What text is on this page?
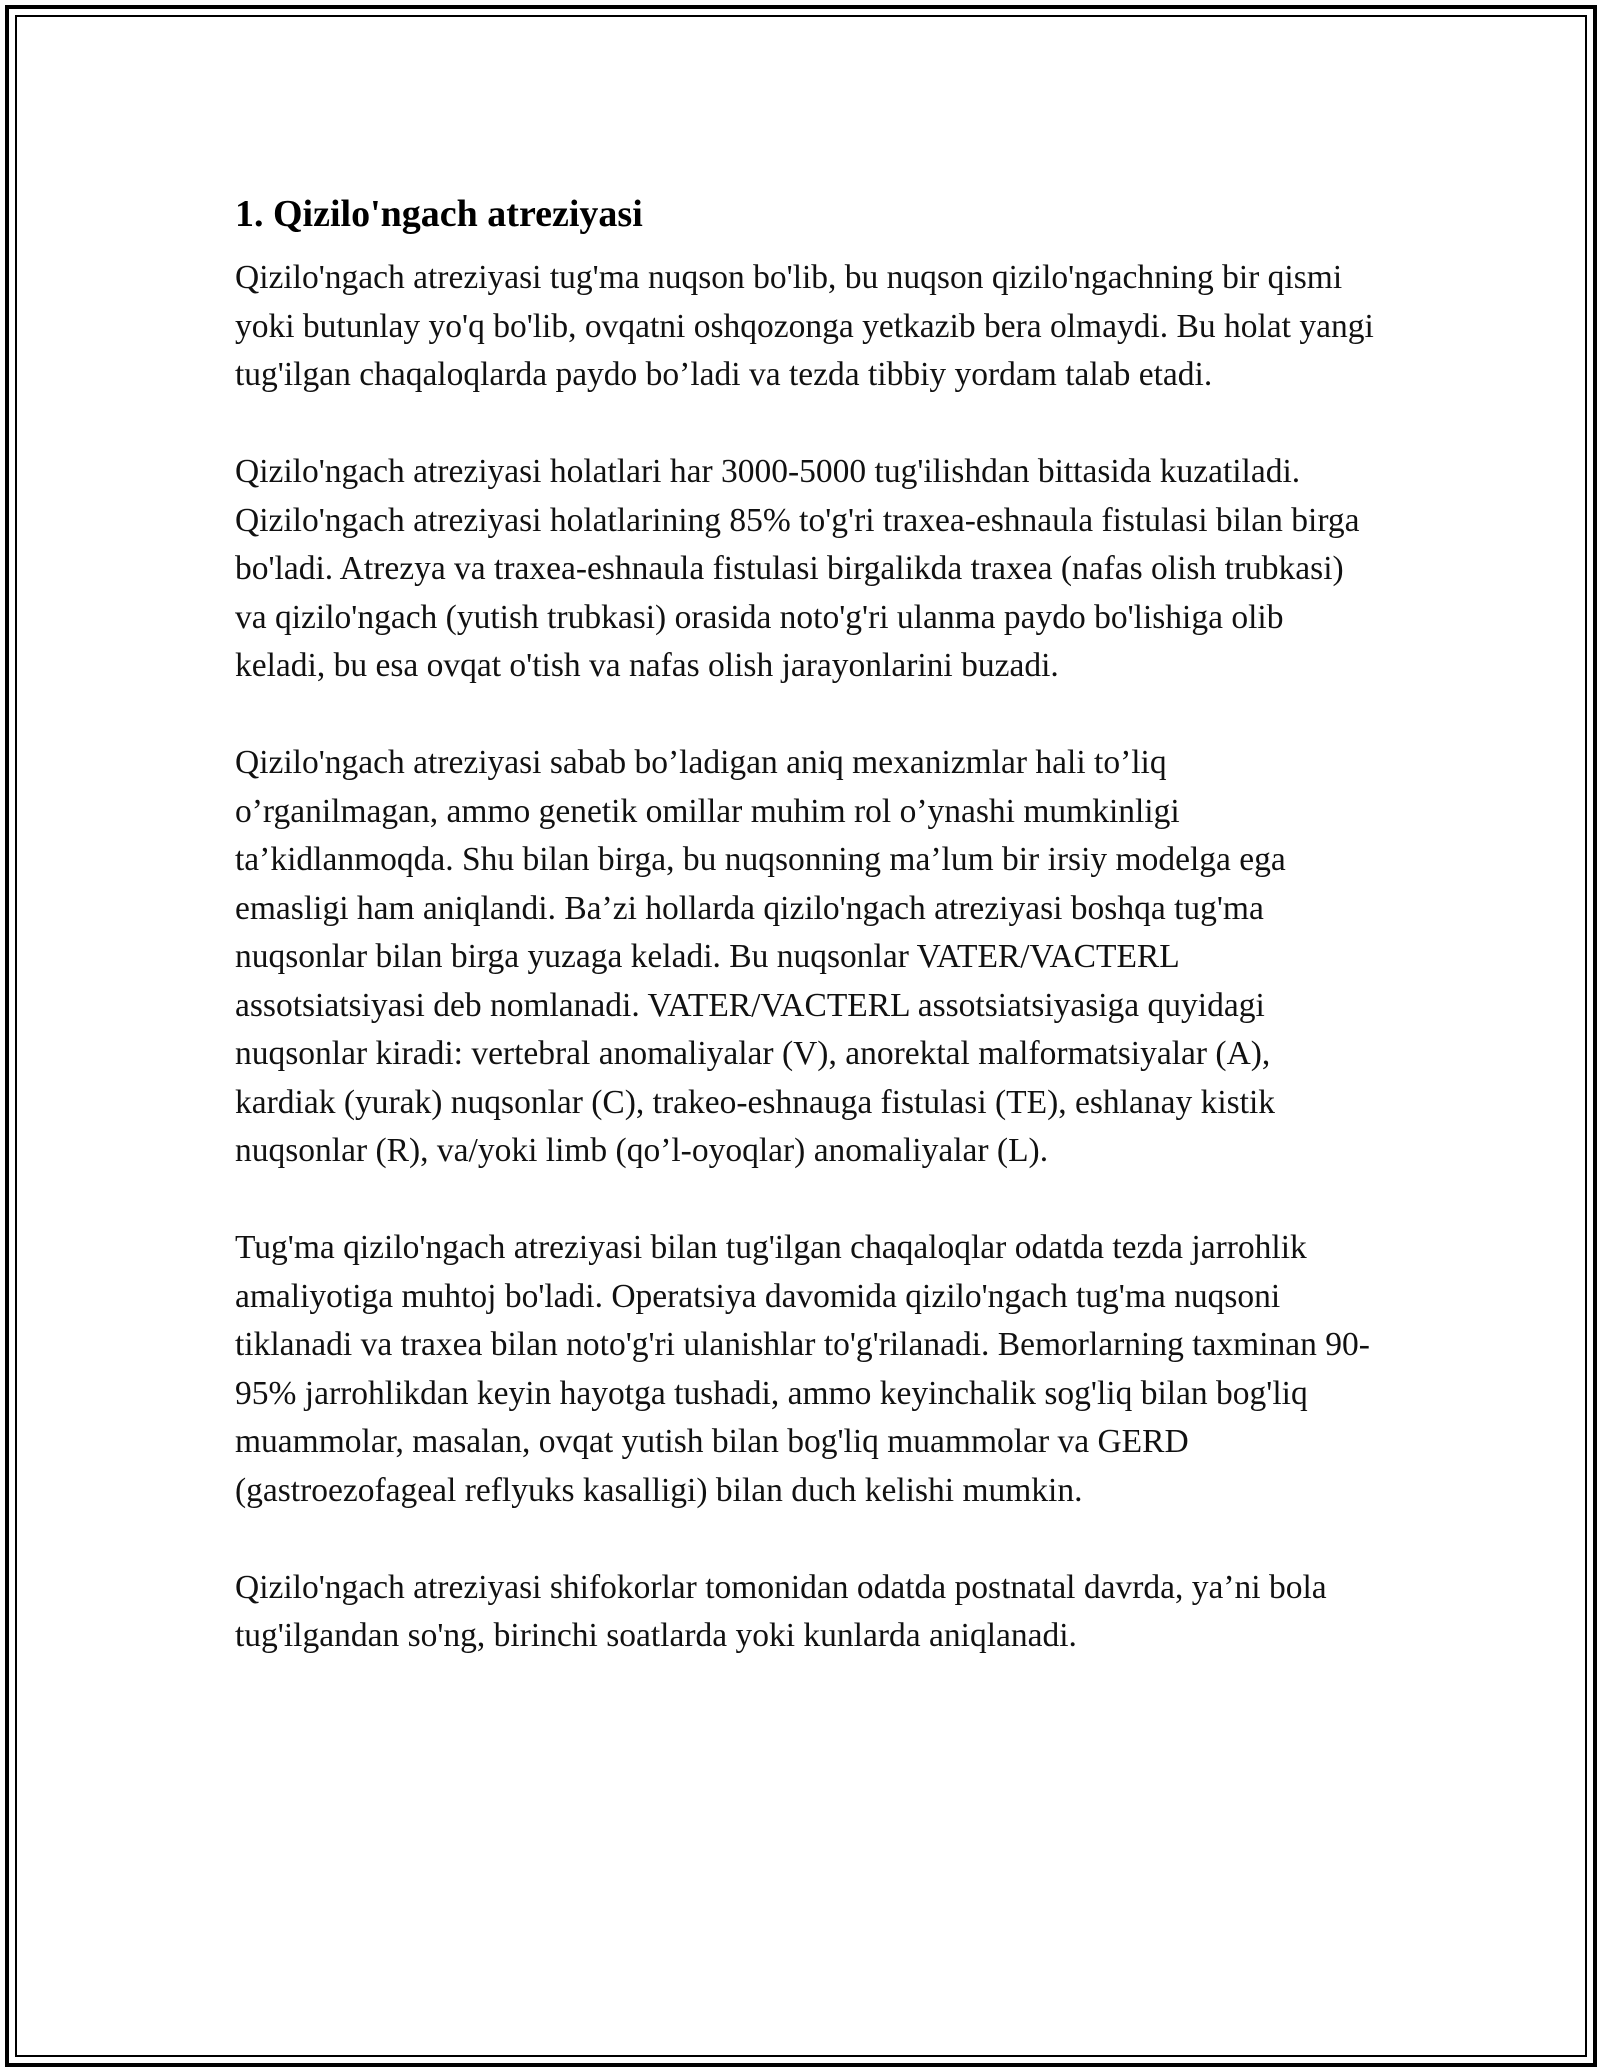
1. Qizilo'ngach atreziyasi

Qizilo'ngach atreziyasi tug'ma nuqson bo'lib, bu nuqson qizilo'ngachning bir qismi yoki butunlay yo'q bo'lib, ovqatni oshqozonga yetkazib bera olmaydi. Bu holat yangi tug'ilgan chaqaloqlarda paydo bo’ladi va tezda tibbiy yordam talab etadi.

Qizilo'ngach atreziyasi holatlari har 3000-5000 tug'ilishdan bittasida kuzatiladi. Qizilo'ngach atreziyasi holatlarining 85% to'g'ri traxea-eshnaula fistulasi bilan birga bo'ladi. Atrezya va traxea-eshnaula fistulasi birgalikda traxea (nafas olish trubkasi) va qizilo'ngach (yutish trubkasi) orasida noto'g'ri ulanma paydo bo'lishiga olib keladi, bu esa ovqat o'tish va nafas olish jarayonlarini buzadi.

Qizilo'ngach atreziyasi sabab bo’ladigan aniq mexanizmlar hali to’liq o’rganilmagan, ammo genetik omillar muhim rol o’ynashi mumkinligi ta’kidlanmoqda. Shu bilan birga, bu nuqsonning ma’lum bir irsiy modelga ega emasligi ham aniqlandi. Ba’zi hollarda qizilo'ngach atreziyasi boshqa tug'ma nuqsonlar bilan birga yuzaga keladi. Bu nuqsonlar VATER/VACTERL assotsiatsiyasi deb nomlanadi. VATER/VACTERL assotsiatsiyasiga quyidagi nuqsonlar kiradi: vertebral anomaliyalar (V), anorektal malformatsiyalar (A), kardiak (yurak) nuqsonlar (C), trakeo-eshnauga fistulasi (TE), eshlanay kistik nuqsonlar (R), va/yoki limb (qo’l-oyoqlar) anomaliyalar (L).

Tug'ma qizilo'ngach atreziyasi bilan tug'ilgan chaqaloqlar odatda tezda jarrohlik amaliyotiga muhtoj bo'ladi. Operatsiya davomida qizilo'ngach tug'ma nuqsoni tiklanadi va traxea bilan noto'g'ri ulanishlar to'g'rilanadi. Bemorlarning taxminan 90-95% jarrohlikdan keyin hayotga tushadi, ammo keyinchalik sog'liq bilan bog'liq muammolar, masalan, ovqat yutish bilan bog'liq muammolar va GERD (gastroezofageal reflyuks kasalligi) bilan duch kelishi mumkin.

Qizilo'ngach atreziyasi shifokorlar tomonidan odatda postnatal davrda, ya’ni bola tug'ilgandan so'ng, birinchi soatlarda yoki kunlarda aniqlanadi.
